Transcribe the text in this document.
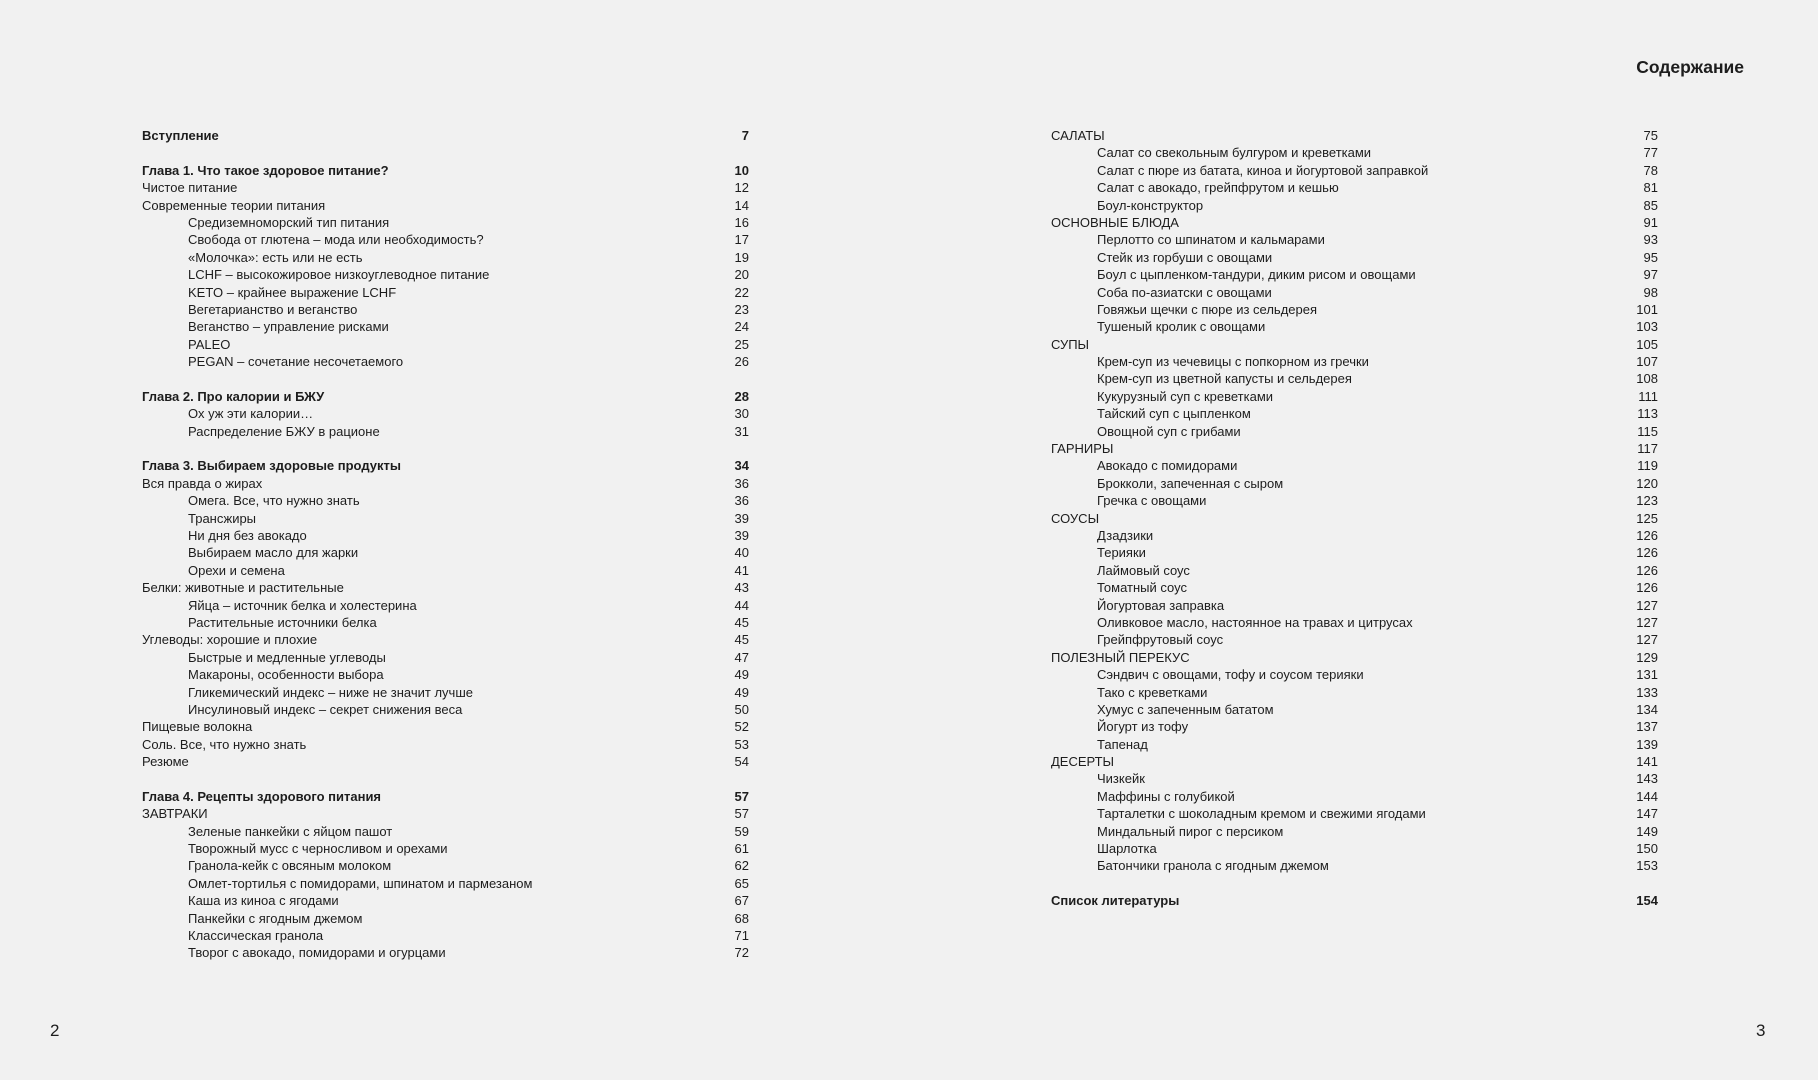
Содержание
Вступление	7
Глава 1. Что такое здоровое питание?	10
Чистое питание	12
Современные теории питания	14
Средиземноморский тип питания	16
Свобода от глютена – мода или необходимость?	17
«Молочка»: есть или не есть	19
LCHF – высокожировое низкоуглеводное питание	20
KETO – крайнее выражение LCHF	22
Вегетарианство и веганство	23
Веганство – управление рисками	24
PALEO	25
PEGAN – сочетание несочетаемого	26
Глава 2. Про калории и БЖУ	28
Ох уж эти калории…	30
Распределение БЖУ в рационе	31
Глава 3. Выбираем здоровые продукты	34
Вся правда о жирах	36
Омега. Все, что нужно знать	36
Трансжиры	39
Ни дня без авокадо	39
Выбираем масло для жарки	40
Орехи и семена	41
Белки: животные и растительные	43
Яйца – источник белка и холестерина	44
Растительные источники белка	45
Углеводы: хорошие и плохие	45
Быстрые и медленные углеводы	47
Макароны, особенности выбора	49
Гликемический индекс – ниже не значит лучше	49
Инсулиновый индекс – секрет снижения веса	50
Пищевые волокна	52
Соль. Все, что нужно знать	53
Резюме	54
Глава 4. Рецепты здорового питания	57
ЗАВТРАКИ	57
Зеленые панкейки с яйцом пашот	59
Творожный мусс с черносливом и орехами	61
Гранола-кейк с овсяным молоком	62
Омлет-тортилья с помидорами, шпинатом и пармезаном	65
Каша из киноа с ягодами	67
Панкейки с ягодным джемом	68
Классическая гранола	71
Творог с авокадо, помидорами и огурцами	72
САЛАТЫ	75
Салат со свекольным булгуром и креветками	77
Салат с пюре из батата, киноа и йогуртовой заправкой	78
Салат с авокадо, грейпфрутом и кешью	81
Боул-конструктор	85
ОСНОВНЫЕ БЛЮДА	91
Перлотто со шпинатом и кальмарами	93
Стейк из горбуши с овощами	95
Боул с цыпленком-тандури, диким рисом и овощами	97
Соба по-азиатски с овощами	98
Говяжьи щечки с пюре из сельдерея	101
Тушеный кролик с овощами	103
СУПЫ	105
Крем-суп из чечевицы с попкорном из гречки	107
Крем-суп из цветной капусты и сельдерея	108
Кукурузный суп с креветками	111
Тайский суп с цыпленком	113
Овощной суп с грибами	115
ГАРНИРЫ	117
Авокадо с помидорами	119
Брокколи, запеченная с сыром	120
Гречка с овощами	123
СОУСЫ	125
Дзадзики	126
Терияки	126
Лаймовый соус	126
Томатный соус	126
Йогуртовая заправка	127
Оливковое масло, настоянное на травах и цитрусах	127
Грейпфрутовый соус	127
ПОЛЕЗНЫЙ ПЕРЕКУС	129
Сэндвич с овощами, тофу и соусом терияки	131
Тако с креветками	133
Хумус с запеченным бататом	134
Йогурт из тофу	137
Тапенад	139
ДЕСЕРТЫ	141
Чизкейк	143
Маффины с голубикой	144
Тарталетки с шоколадным кремом и свежими ягодами	147
Миндальный пирог с персиком	149
Шарлотка	150
Батончики гранола с ягодным джемом	153
Список литературы	154
2	3
